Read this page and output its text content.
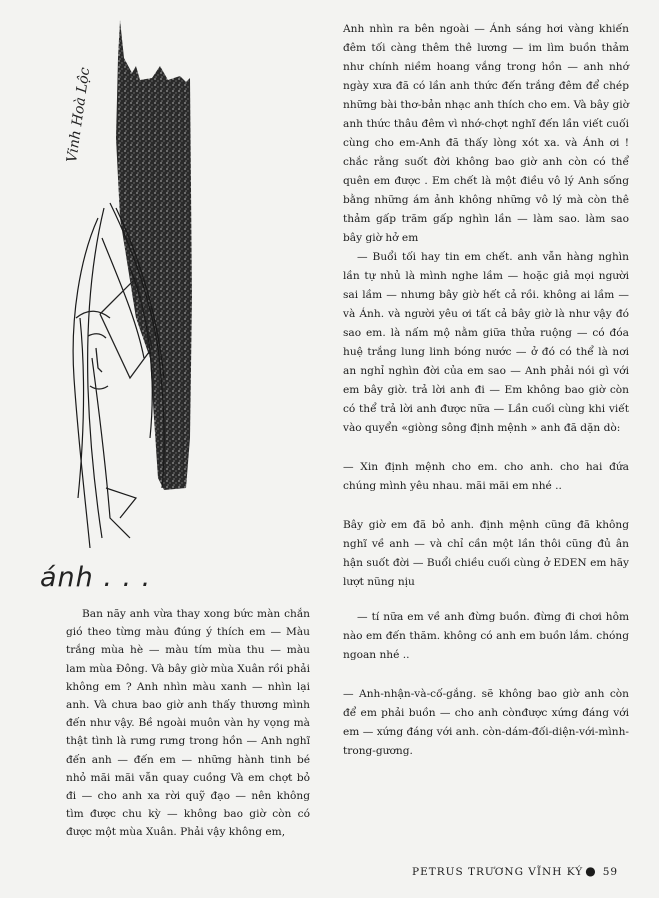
Vinh Hoà Lộc
ánh . . .

Ban nãy anh vừa thay xong bức màn chắn gió theo từng màu đúng ý thích em — Màu trắng mùa hè — màu tím mùa thu — màu lam mùa Đông. Và bây giờ mùa Xuân rồi phải không em ? Anh nhìn màu xanh — nhìn lại anh. Và chưa bao giờ anh thấy thương mình đến như vậy. Bề ngoài muôn vàn hy vọng mà thật tình là rưng rưng trong hồn — Anh nghĩ đến anh — đến em — những hành tinh bé nhỏ mãi mãi vẫn quay cuồng Và em chợt bỏ đi — cho anh xa rời quỹ đạo — nên không tìm được chu kỳ — không bao giờ còn có được một mùa Xuân. Phải vậy không em,

Anh nhìn ra bên ngoài — Ánh sáng hơi vàng khiến đêm tối càng thêm thê lương — im lìm buồn thảm như chính niềm hoang vắng trong hồn — anh nhớ ngày xưa đã có lần anh thức đến trắng đêm để chép những bài thơ-bản nhạc anh thích cho em. Và bây giờ anh thức thâu đêm vì nhớ-chợt nghĩ đến lần viết cuối cùng cho em-Anh đã thấy lòng xót xa. và Ánh ơi ! chắc rằng suốt đời không bao giờ anh còn có thể quên em được . Em chết là một điều vô lý Anh sống bằng những ám ảnh không những vô lý mà còn thê thảm gấp trăm gấp nghìn lần — làm sao. làm sao bây giờ hở em

— Buổi tối hay tin em chết. anh vẫn hàng nghìn lần tự nhủ là mình nghe lầm — hoặc giả mọi người sai lầm — nhưng bây giờ hết cả rồi. không ai lầm — và Ánh. và người yêu ơi tất cả bây giờ là như vậy đó sao em. là nấm mộ nằm giữa thửa ruộng — có đóa huệ trắng lung linh bóng nước — ở đó có thể là nơi an nghỉ nghìn đời của em sao — Anh phải nói gì với em bây giờ. trả lời anh đi — Em không bao giờ còn có thể trả lời anh được nữa — Lần cuối cùng khi viết vào quyển «giòng sông định mệnh » anh đã dặn dò:

— Xin định mệnh cho em. cho anh. cho hai đứa chúng mình yêu nhau. mãi mãi em nhé ..

Bây giờ em đã bỏ anh. định mệnh cũng đã không nghĩ về anh — và chỉ cần một lần thôi cũng đủ ân hận suốt đời — Buổi chiều cuối cùng ở EDEN em hãy lượt nũng nịu

— tí nữa em về anh đừng buồn. đừng đi chơi hôm nào em đến thăm. không có anh em buồn lắm. chóng ngoan nhé ..

— Anh-nhận-và-cố-gắng. sẽ không bao giờ anh còn để em phải buồn — cho anh cònđược xứng đáng với em — xứng đáng với anh. còn-dám-đối-diện-với-mình-trong-gương.

PETRUS TRƯƠNG VĨNH KÝ ● 59
